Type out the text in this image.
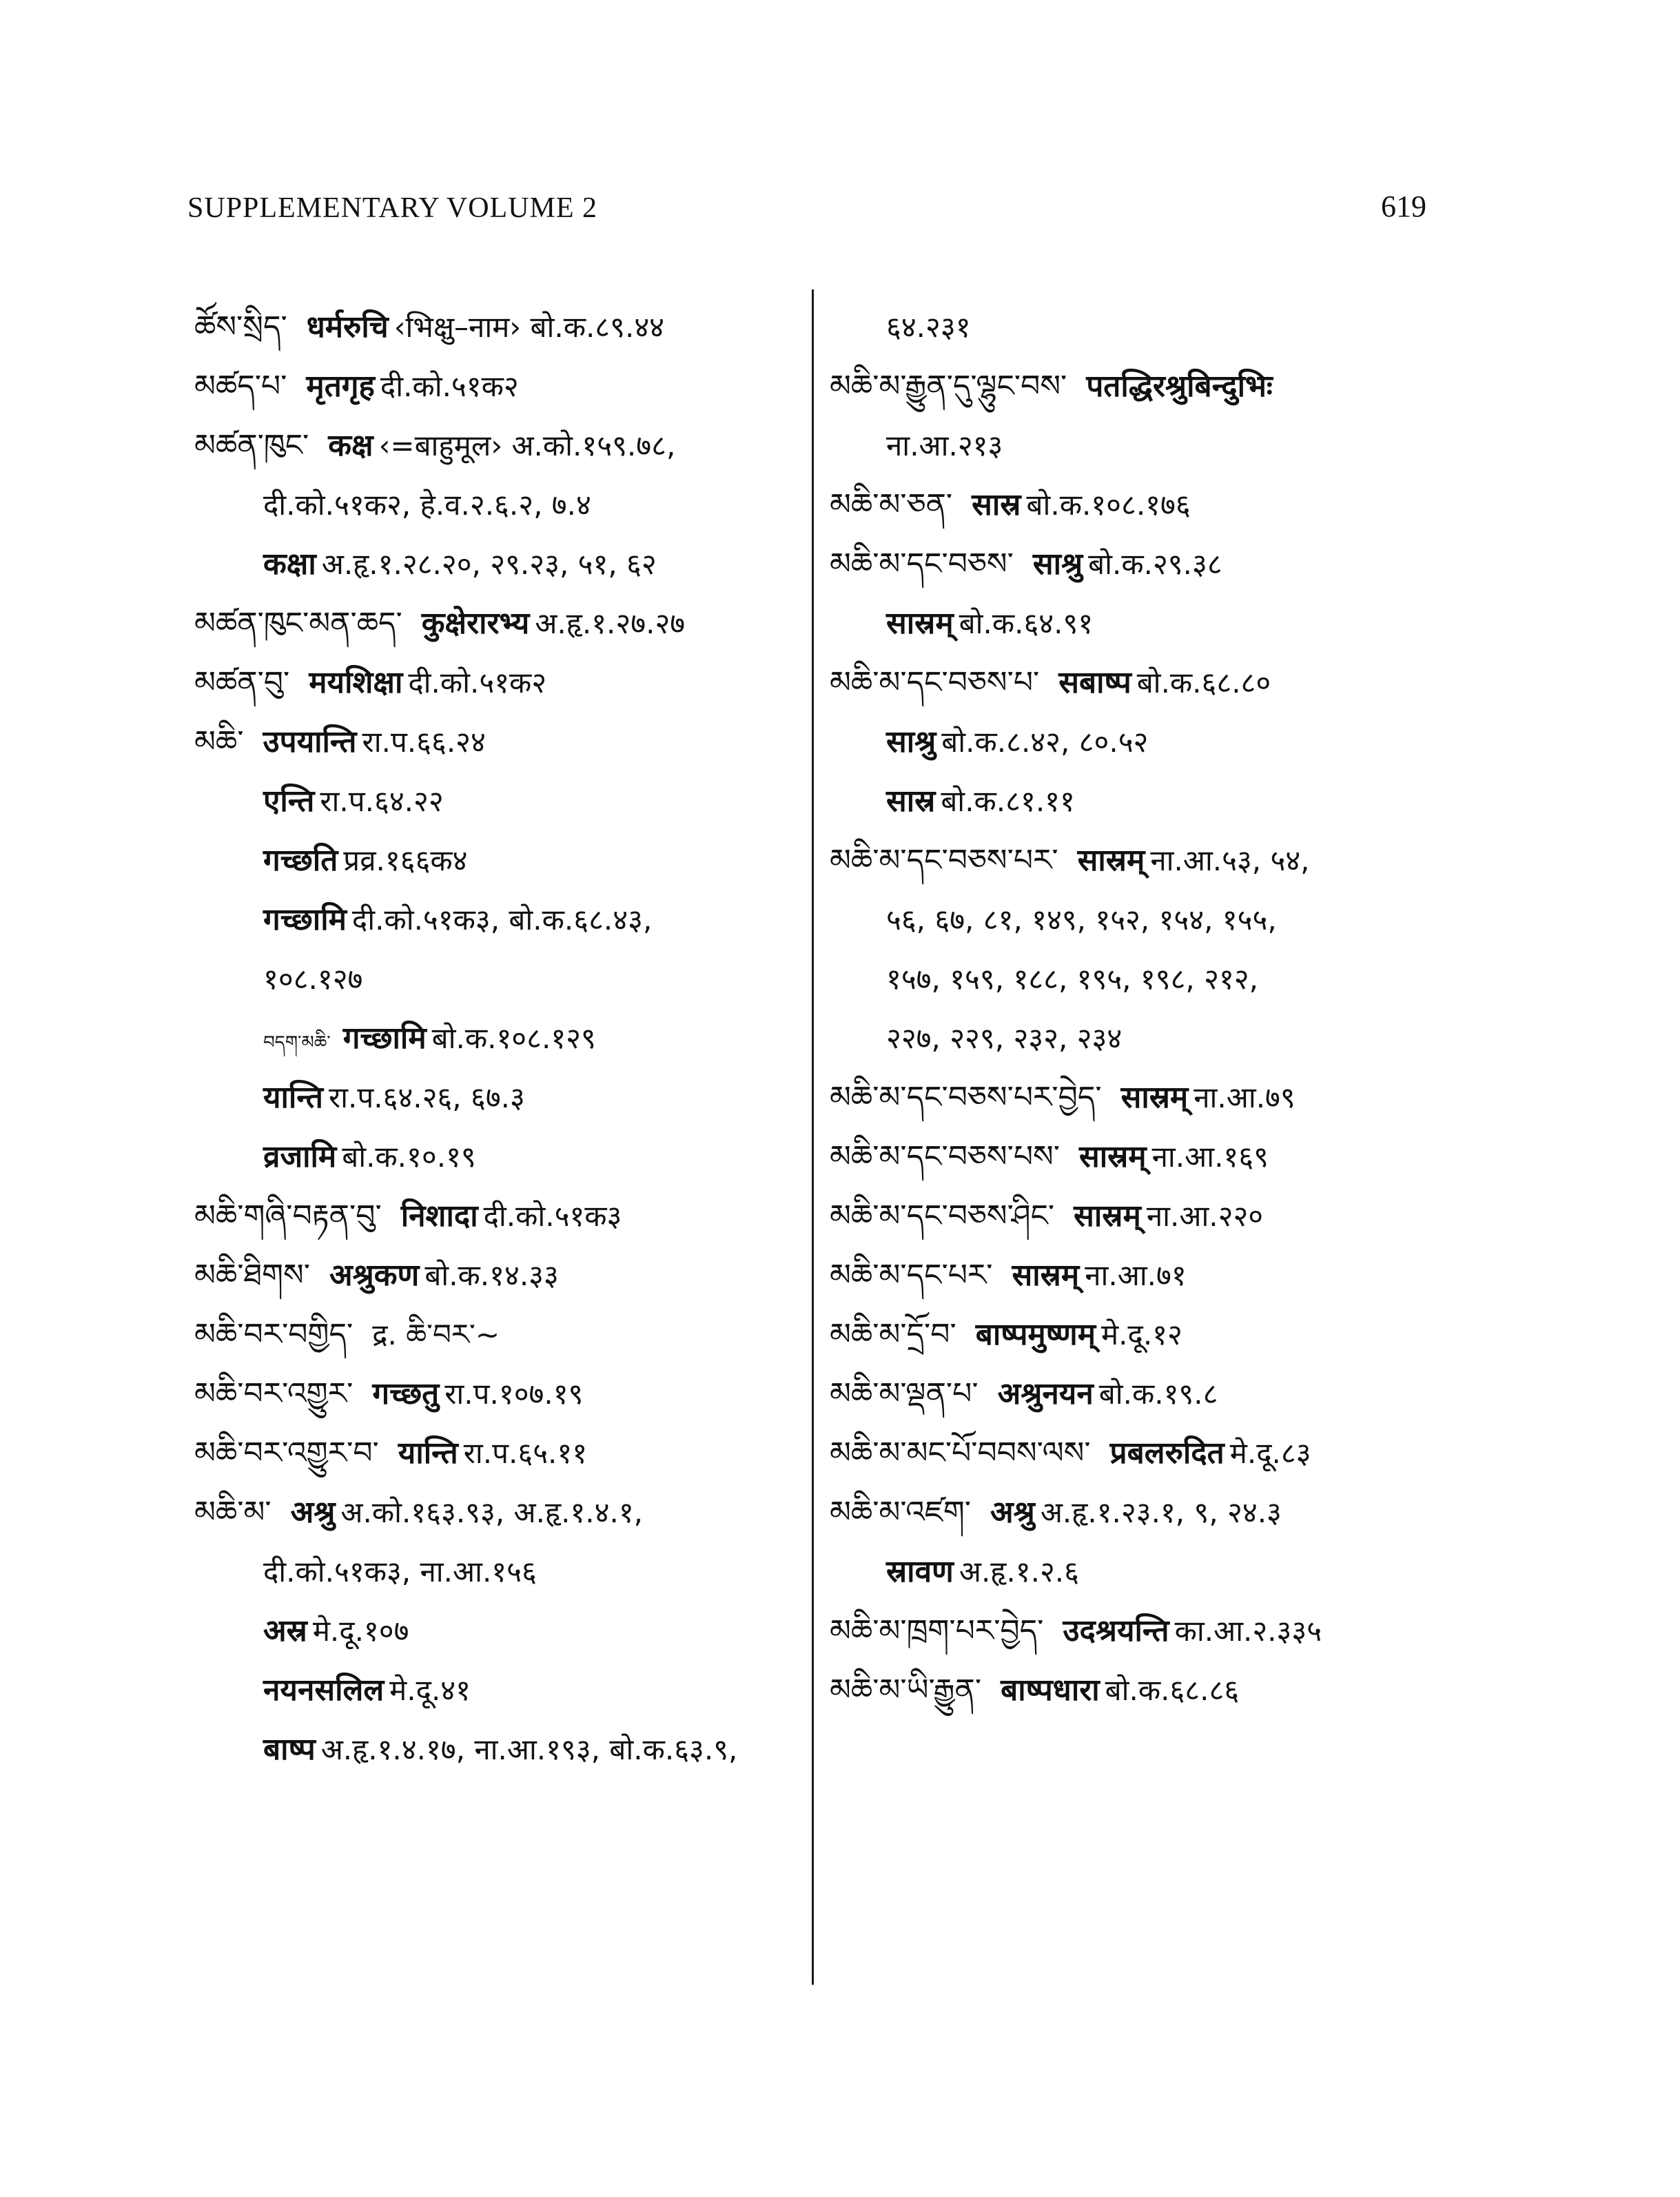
SUPPLEMENTARY VOLUME 2	619
ཚོས་སྲིད་ धर्मरुचि ‹भिक्षु–नाम› बो.क.८९.४४
མཚད་པ་ मृतगृह दी.को.५१क२
མཚན་ཁུང་ कक्ष ‹=बाहुमूल› अ.को.१५९.७८,
दी.को.५१क२, हे.व.२.६.२, ७.४
कक्षा अ.हृ.१.२८.२०, २९.२३, ५१, ६२
མཚན་ཁུང་མན་ཆད་ कुक्षेरारभ्य अ.हृ.१.२७.२७
མཚན་བུ་ मयशिक्षा दी.को.५१क२
མཆི་ उपयान्ति रा.प.६६.२४
एन्ति रा.प.६४.२२
गच्छति प्रव्र.१६६क४
गच्छामि दी.को.५१क३, बो.क.६८.४३,
१०८.१२७
བདག་མཆི་ गच्छामि बो.क.१०८.१२९
यान्ति रा.प.६४.२६, ६७.३
व्रजामि बो.क.१०.१९
མཆི་གཞི་བརྟན་བུ་ निशादा दी.को.५१क३
མཆི་ཐིགས་ अश्रुकण बो.क.१४.३३
མཆི་བར་བགྱིད་ द्र. ཆི་བར་~
མཆི་བར་འགྱུར་ गच्छतु रा.प.१०७.१९
མཆི་བར་འགྱུར་བ་ यान्ति रा.प.६५.११
མཆི་མ་ अश्रु अ.को.१६३.९३, अ.हृ.१.४.१,
दी.को.५१क३, ना.आ.१५६
अस्र मे.दू.१०७
नयनसलिल मे.दू.४१
बाष्प अ.हृ.१.४.१७, ना.आ.१९३, बो.क.६३.९,
६४.२३१
མཆི་མ་རྒྱུན་དུ་ལྷུང་བས་ पतद्धिरश्रुबिन्दुभिः
ना.आ.२१३
མཆི་མ་ཅན་ सास्र बो.क.१०८.१७६
མཆི་མ་དང་བཅས་ साश्रु बो.क.२९.३८
सास्रम् बो.क.६४.९१
མཆི་མ་དང་བཅས་པ་ सबाष्प बो.क.६८.८०
साश्रु बो.क.८.४२, ८०.५२
सास्र बो.क.८१.११
མཆི་མ་དང་བཅས་པར་ सास्रम् ना.आ.५३, ५४,
५६, ६७, ८१, १४९, १५२, १५४, १५५,
१५७, १५९, १८८, १९५, १९८, २१२,
२२७, २२९, २३२, २३४
མཆི་མ་དང་བཅས་པར་བྱེད་ सास्रम् ना.आ.७९
མཆི་མ་དང་བཅས་པས་ सास्रम् ना.आ.१६९
མཆི་མ་དང་བཅས་ཤིང་ सास्रम् ना.आ.२२०
མཆི་མ་དང་པར་ सास्रम् ना.आ.७१
མཆི་མ་དྲོ་བ་ बाष्पमुष्णम् मे.दू.१२
མཆི་མ་ལྡན་པ་ अश्रुनयन बो.क.१९.८
མཆི་མ་མང་པོ་བབས་ལས་ प्रबलरुदित मे.दू.८३
མཆི་མ་འཛག་ अश्रु अ.हृ.१.२३.१, ९, २४.३
स्रावण अ.हृ.१.२.६
མཆི་མ་ཁྲག་པར་བྱེད་ उदश्रयन्ति का.आ.२.३३५
མཆི་མ་ཡི་རྒྱུན་ बाष्पधारा बो.क.६८.८६
